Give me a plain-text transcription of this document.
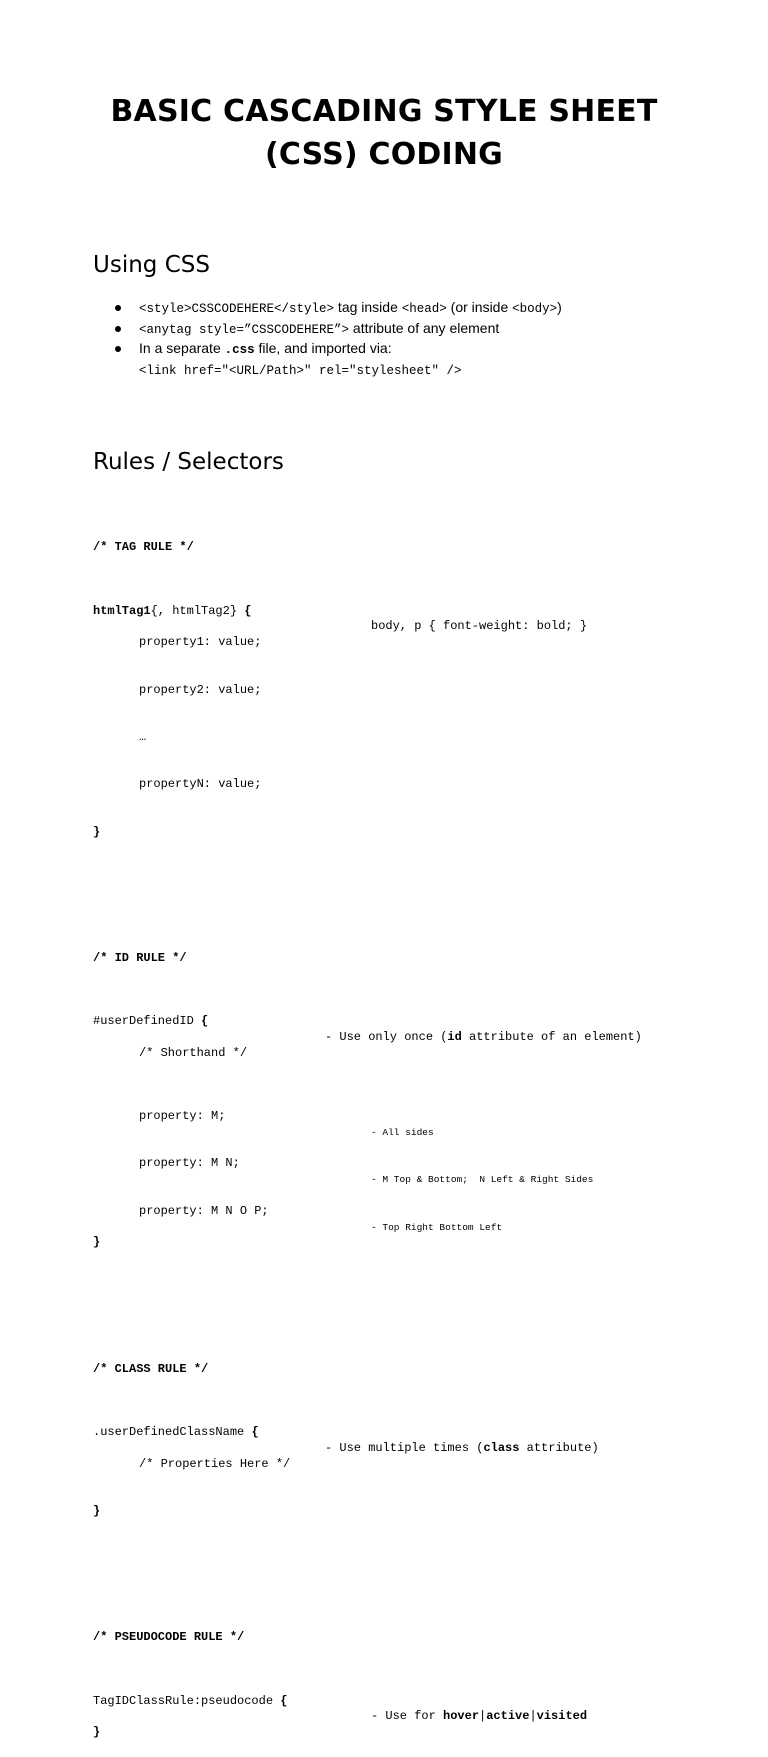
BASIC CASCADING STYLE SHEET
(CSS) CODING
Using CSS
<style>CSSCODEHERE</style> tag inside <head> (or inside <body>)
<anytag style=”CSSCODEHERE”> attribute of any element
In a separate .css file, and imported via:
<link href="<URL/Path>" rel="stylesheet" />
Rules / Selectors

/* TAG RULE */

htmlTag1{, htmlTag2} {

body, p { font-weight: bold; }

property1: value;

property2: value;

…

propertyN: value;

}

/* ID RULE */

#userDefinedID {

- Use only once (id attribute of an element)

/* Shorthand */

property: M;

- All sides

property: M N;

- M Top & Bottom;  N Left & Right Sides

property: M N O P;

- Top Right Bottom Left

}

/* CLASS RULE */

.userDefinedClassName {

- Use multiple times (class attribute)

/* Properties Here */

}

/* PSEUDOCODE RULE */

TagIDClassRule:pseudocode {

- Use for hover|active|visited

}
